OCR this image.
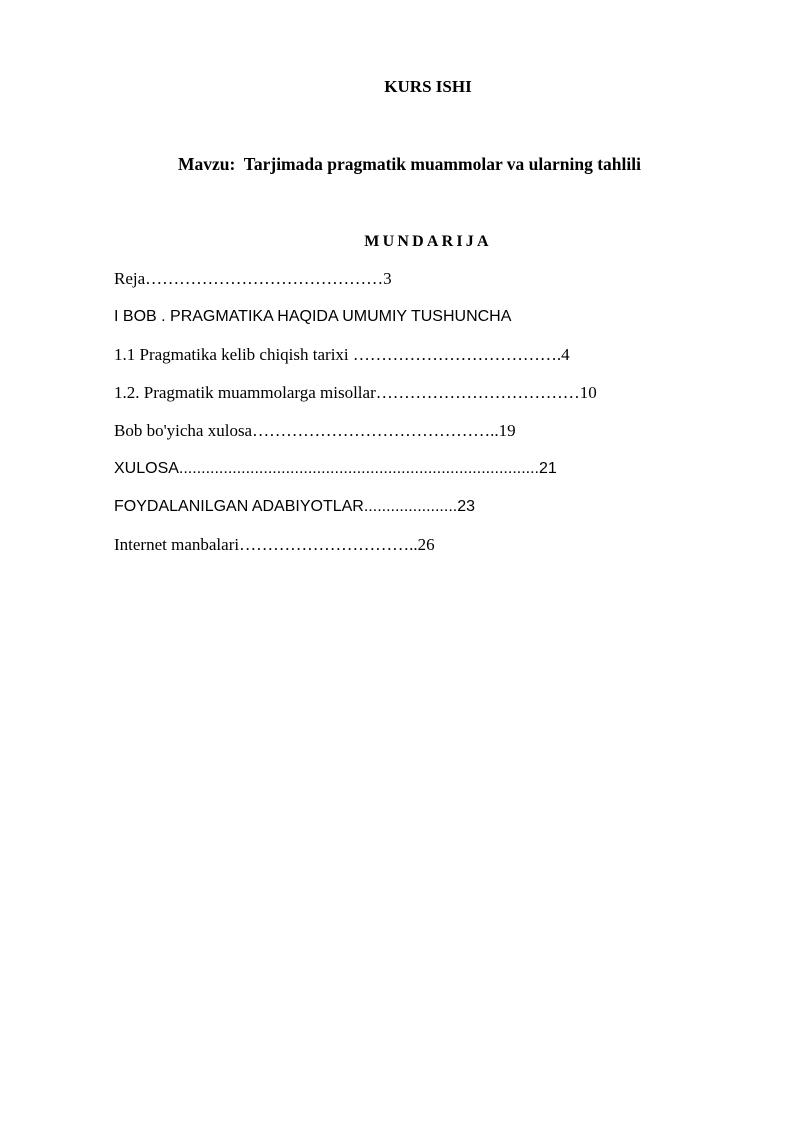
KURS ISHI
Mavzu:  Tarjimada pragmatik muammolar va ularning tahlili
MUNDARIJA
Reja……………………………………3
I BOB . PRAGMATIKA HAQIDA UMUMIY TUSHUNCHA
1.1 Pragmatika kelib chiqish tarixi ……………………………….4
1.2. Pragmatik muammolarga misollar………………………………10
Bob bo'yicha xulosa……………………………………..19
XULOSA.................................................................................21
FOYDALANILGAN ADABIYOTLAR.....................23
Internet manbalari…………………………..26
